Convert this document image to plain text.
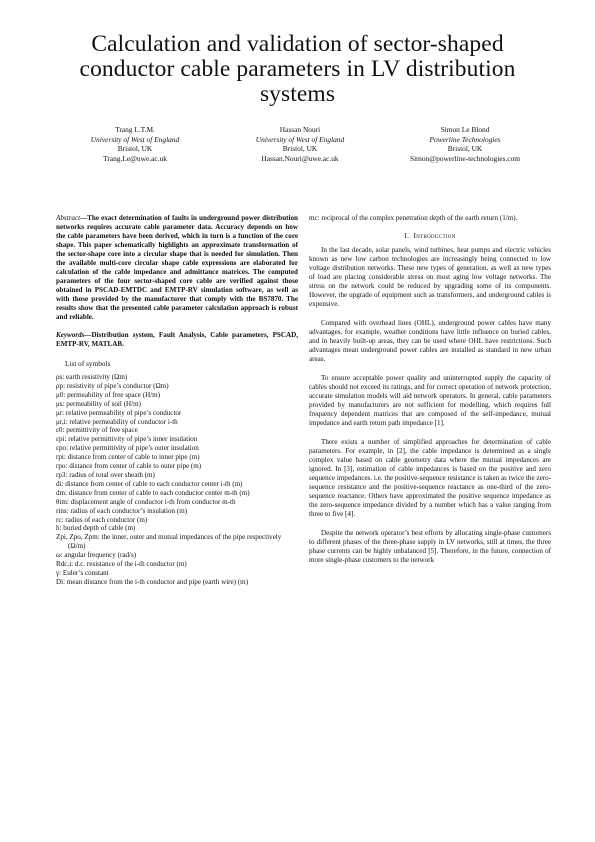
Calculation and validation of sector-shaped conductor cable parameters in LV distribution systems
Trang L.T.M.
University of West of England
Bristol, UK
Trang.Le@uwe.ac.uk
Hassan Nouri
University of West of England
Bristol, UK
Hassan.Nouri@uwe.ac.uk
Simon Le Blond
Powerline Technologies
Bristol, UK
Simon@powerline-technologies.com

Abstract—The exact determination of faults in underground power distribution networks requires accurate cable parameter data. Accuracy depends on how the cable parameters have been derived, which in turn is a function of the core shape. This paper schematically highlights an approximate transformation of the sector-shape core into a circular shape that is needed for simulation. Then the available multi-core circular shape cable expressions are elaborated for calculation of the cable impedance and admittance matrices. The computed parameters of the four sector-shaped core cable are verified against those obtained in PSCAD-EMTDC and EMTP-RV simulation software, as well as with those provided by the manufacturer that comply with the BS7870. The results show that the presented cable parameter calculation approach is robust and reliable.

Keywords—Distribution system, Fault Analysis, Cable parameters, PSCAD, EMTP-RV, MATLAB.

List of symbols

ρs: earth resistivity (Ωm)

ρp: resistivity of pipe’s conductor (Ωm)

μ0: permeability of free space (H/m)

μs: permeability of soil (H/m)

μr: relative permeability of pipe’s conductor

μr,i: relative permeability of conductor i-th

ε0: permittivity of free space

εpi: relative permittivity of pipe’s inner insulation

εpo: relative permittivity of pipe’s outer insulation

rpi: distance from center of cable to inner pipe (m)

rpo: distance from center of cable to outer pipe (m)

rp3: radius of total over sheath (m)

di: distance from center of cable to each conductor center i-th (m)

dm: distance from center of cable to each conductor center m-th (m)

θim: displacement angle of conductor i-th from conductor m-th

rins: radius of each conductor’s insulation (m)

rc: radius of each conductor (m)

h: buried depth of cable (m)

Zpi, Zpo, Zpm: the inner, outer and mutual impedances of the pipe respectively (Ω/m)

ω: angular frequency (rad/s)

Rdc,i: d.c. resistance of the i-th conductor (m)

γ: Euler’s constant

Di: mean distance from the i-th conductor and pipe (earth wire) (m)

mc: reciprocal of the complex penetration depth of the earth return (1/m).

I. Introduction

In the last decade, solar panels, wind turbines, heat pumps and electric vehicles known as new low carbon technologies are increasingly being connected to low voltage distribution networks. These new types of generation, as well as new types of load are placing considerable stress on most aging low voltage networks. The stress on the network could be reduced by upgrading some of its components. However, the upgrade of equipment such as transformers, and underground cables is expensive.

Compared with overhead lines (OHL), underground power cables have many advantages, for example, weather conditions have little influence on buried cables, and in heavily built-up areas, they can be used where OHL have restrictions. Such advantages mean underground power cables are installed as standard in new urban areas.

To ensure acceptable power quality and uninterrupted supply the capacity of cables should not exceed its ratings, and for correct operation of network protection, accurate simulation models will aid network operators. In general, cable parameters provided by manufacturers are not sufficient for modelling, which requires full frequency dependent matrices that are composed of the self-impedance, mutual impedance and earth return path impedance [1].

There exists a number of simplified approaches for determination of cable parameters. For example, in [2], the cable impedance is determined as a single complex value based on cable geometry data where the mutual impedances are ignored. In [3], estimation of cable impedances is based on the positive and zero sequence impedances. i.e. the positive-sequence resistance is taken as twice the zero-sequence resistance and the positive-sequence reactance as one-third of the zero-sequence reactance. Others have approximated the positive sequence impedance as the zero-sequence impedance divided by a number which has a value ranging from three to five [4].

Despite the network operator’s best efforts by allocating single-phase customers to different phases of the three-phase supply in LV networks, still at times, the three phase currents can be highly unbalanced [5]. Therefore, in the future, connection of more single-phase customers to the network
